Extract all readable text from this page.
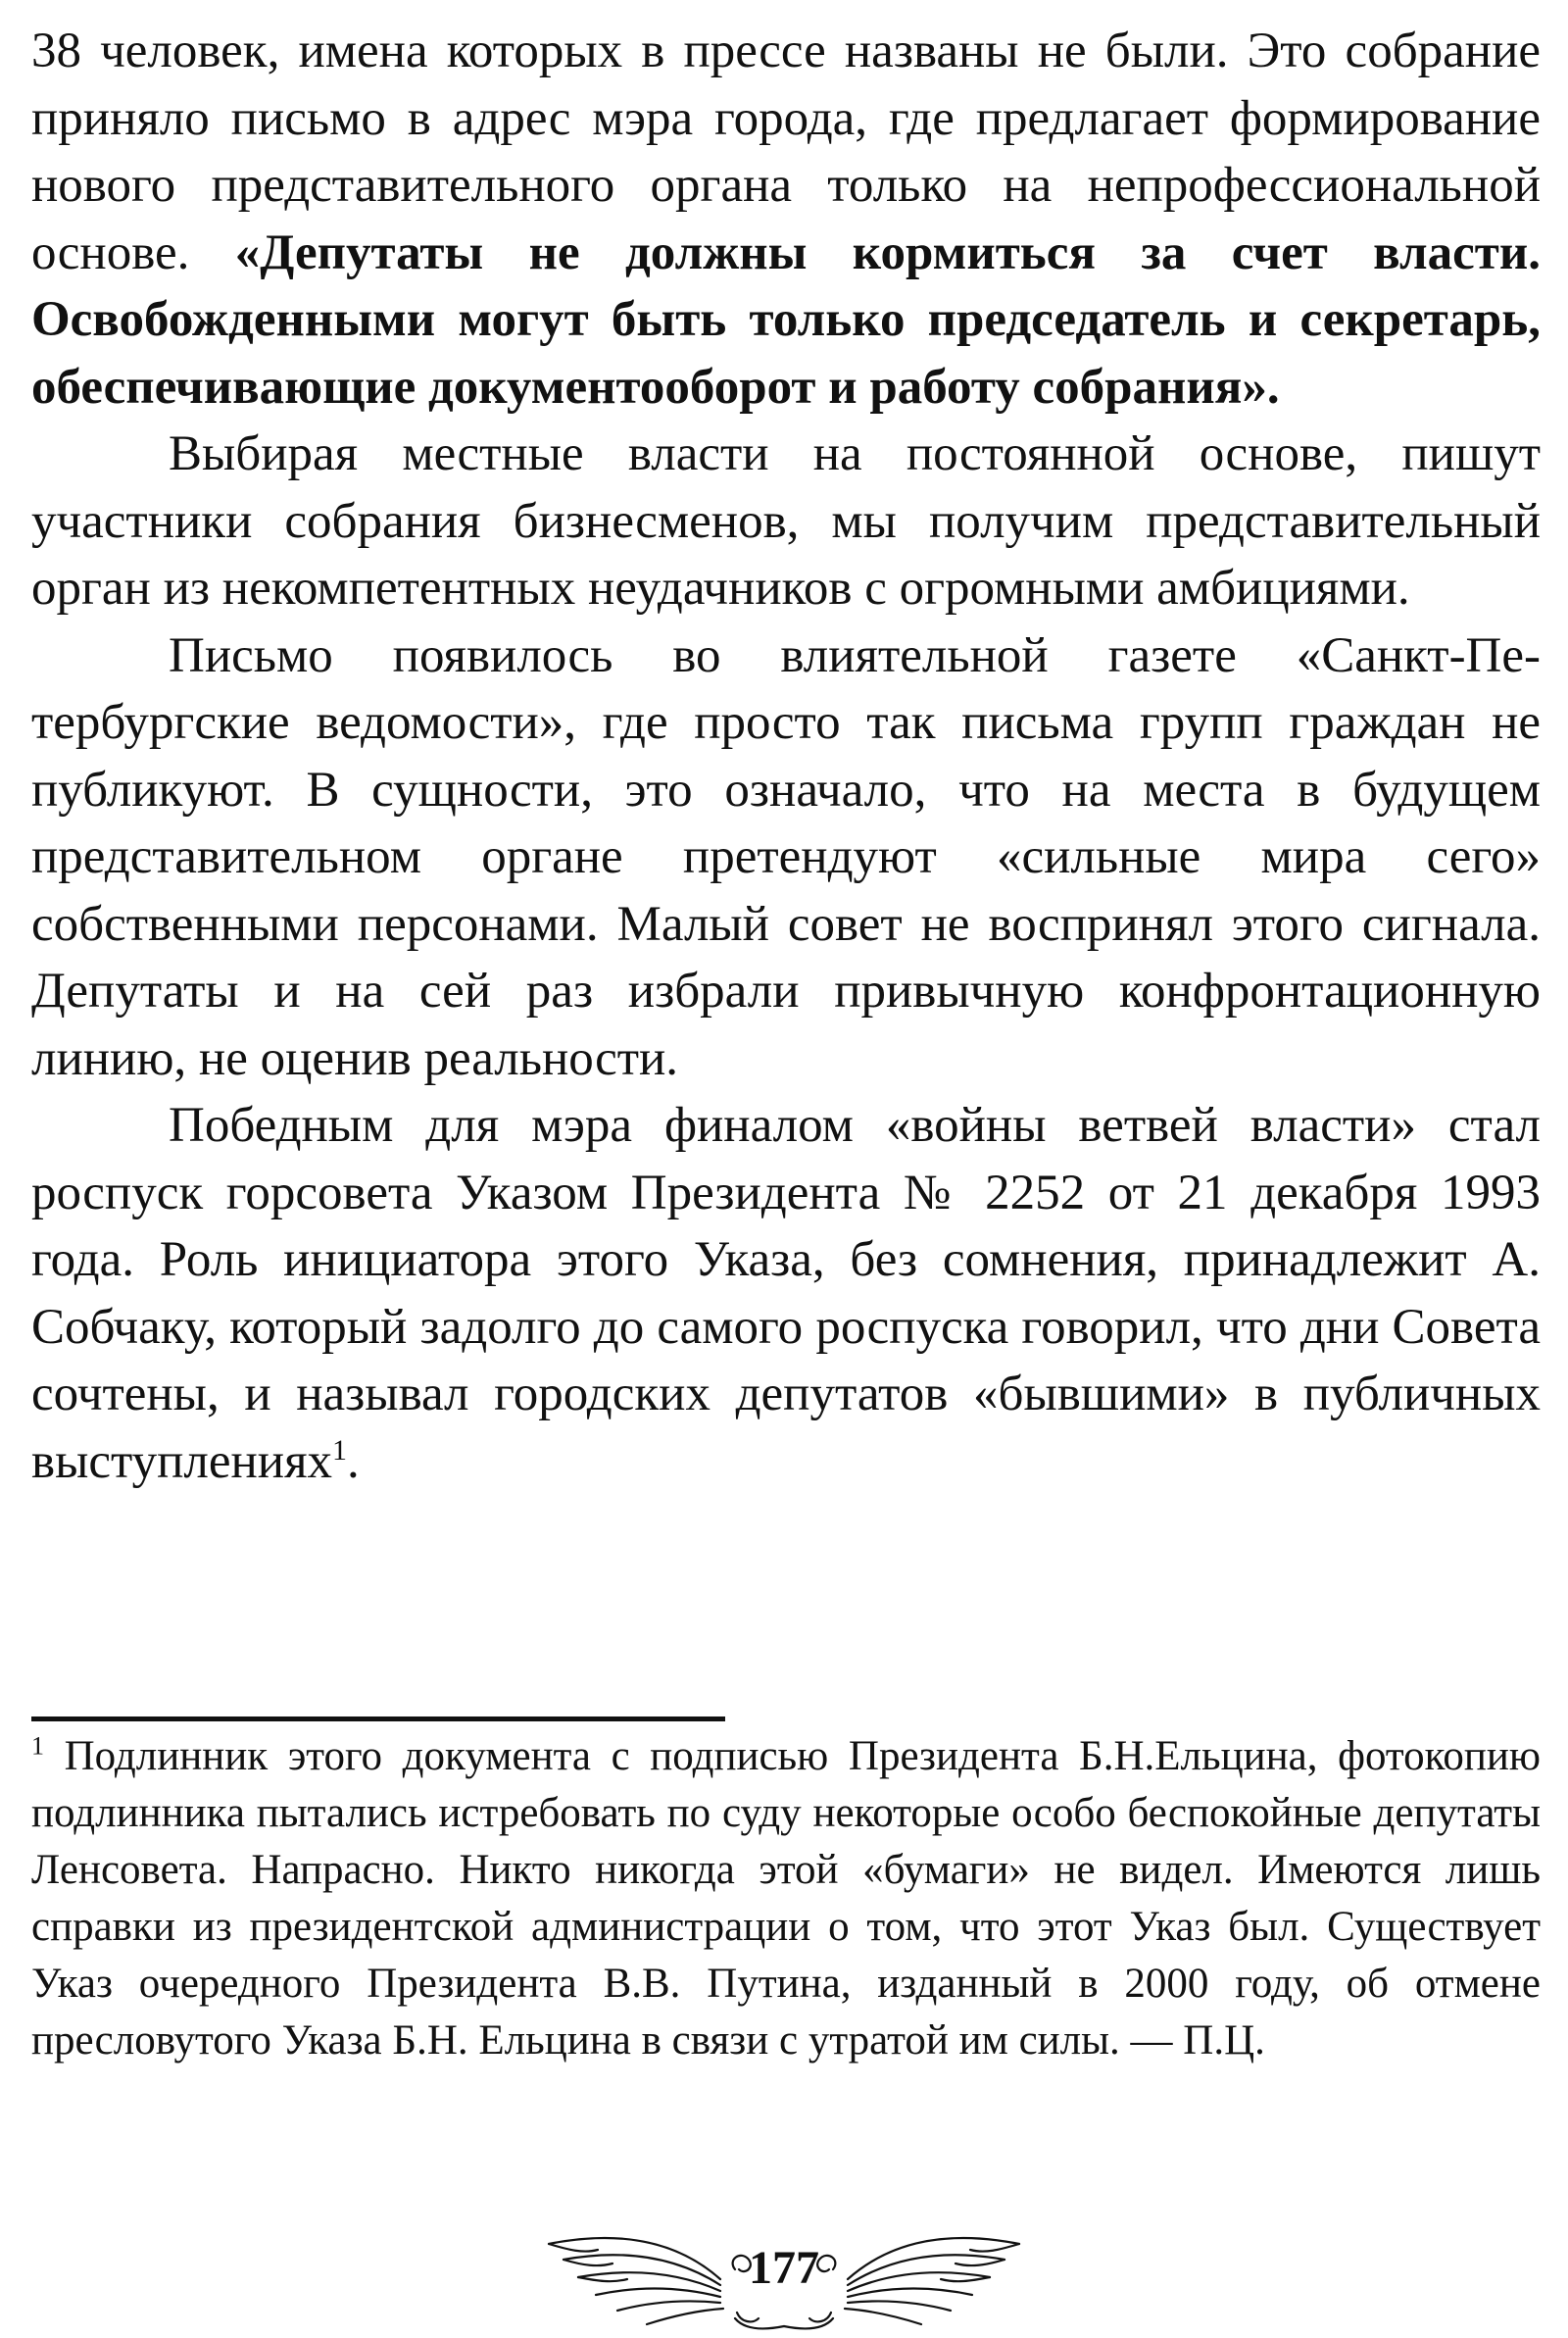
38 человек, имена которых в прессе названы не были. Это собрание приняло письмо в адрес мэра города, где предлагает формирование нового представительного органа только на непрофессиональной основе. «Депутаты не должны кормиться за счет власти. Освобожденными могут быть только председатель и секретарь, обеспечивающие документооборот и работу собрания».

Выбирая местные власти на постоянной основе, пишут участники собрания бизнесменов, мы получим представительный орган из некомпетентных неудачников с огромными амбициями.

Письмо появилось во влиятельной газете «Санкт-Петербургские ведомости», где просто так письма групп граждан не публикуют. В сущности, это означало, что на места в будущем представительном органе претендуют «сильные мира сего» собственными персонами. Малый совет не воспринял этого сигнала. Депутаты и на сей раз избрали привычную конфронтационную линию, не оценив реальности.

Победным для мэра финалом «войны ветвей власти» стал роспуск горсовета Указом Президента № 2252 от 21 декабря 1993 года. Роль инициатора этого Указа, без сомнения, принадлежит А. Собчаку, который задолго до самого роспуска говорил, что дни Совета сочтены, и называл городских депутатов «бывшими» в публичных выступлениях$^1$.

$^1$ Подлинник этого документа с подписью Президента Б.Н.Ельцина, фотокопию подлинника пытались истребовать по суду некоторые особо беспокойные депутаты Ленсовета. Напрасно. Никто никогда этой «бумаги» не видел. Имеются лишь справки из президентской администрации о том, что этот Указ был. Существует Указ очередного Президента В.В. Путина, изданный в 2000 году, об отмене пресловутого Указа Б.Н. Ельцина в связи с утратой им силы. — П.Ц.

177
